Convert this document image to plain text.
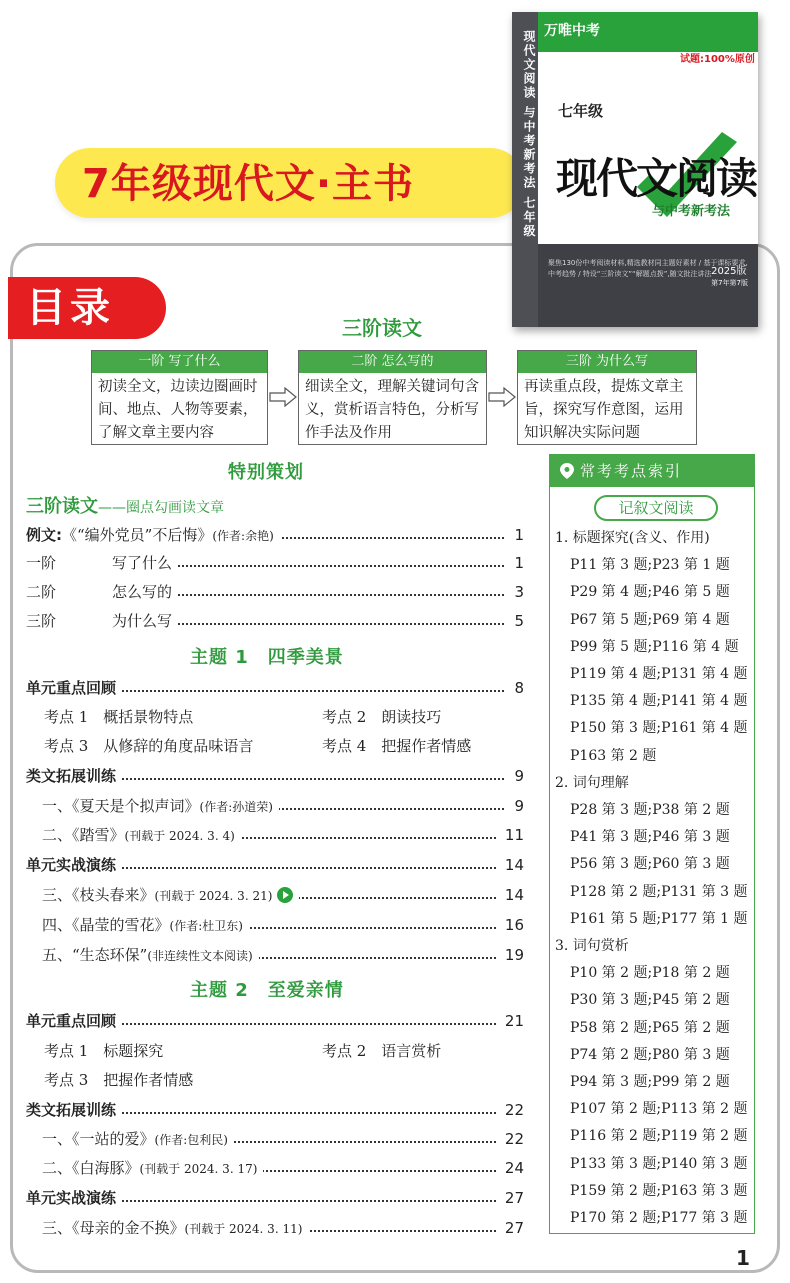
7年级现代文·主书	现代文阅读 与中考新考法 七年级 万唯中考
试题:100%原创
七年级
现代文阅读
与中考新考法
聚焦130份中考阅读材料,精选教材同主题好素材 / 基于课标要求,中考趋势 / 特设“三阶读文”“解题点拨”,随文批注讲法 2025版
第7年第7版
目录	三阶读文
一阶 写了什么
初读全文，边读边圈画时间、地点、人物等要素，了解文章主要内容
二阶 怎么写的
细读全文，理解关键词句含义，赏析语言特色，分析写作手法及作用
三阶 为什么写
再读重点段，提炼文章主旨，探究写作意图，运用知识解决实际问题
特别策划
三阶读文——圈点勾画读文章
例文:《“编外党员”不后悔》(作者:余艳)	1
一阶	写了什么	1
二阶	怎么写的	3
三阶	为什么写	5
主题 1　四季美景
单元重点回顾	8
考点 1　概括景物特点	考点 2　朗读技巧
考点 3　从修辞的角度品味语言	考点 4　把握作者情感
类文拓展训练	9
一、《夏天是个拟声词》(作者:孙道荣)	9
二、《踏雪》(刊载于 2024. 3. 4)	11
单元实战演练	14
三、《枝头春来》(刊载于 2024. 3. 21)	14
四、《晶莹的雪花》(作者:杜卫东)	16
五、“生态环保”(非连续性文本阅读)	19
主题 2　至爱亲情
单元重点回顾	21
考点 1　标题探究	考点 2　语言赏析
考点 3　把握作者情感
类文拓展训练	22
一、《一站的爱》(作者:包利民)	22
二、《白海豚》(刊载于 2024. 3. 17)	24
单元实战演练	27
三、《母亲的金不换》(刊载于 2024. 3. 11)	27
常考考点索引
记叙文阅读
1. 标题探究(含义、作用)
P11 第 3 题;P23 第 1 题
P29 第 4 题;P46 第 5 题
P67 第 5 题;P69 第 4 题
P99 第 5 题;P116 第 4 题
P119 第 4 题;P131 第 4 题
P135 第 4 题;P141 第 4 题
P150 第 3 题;P161 第 4 题
P163 第 2 题
2. 词句理解
P28 第 3 题;P38 第 2 题
P41 第 3 题;P46 第 3 题
P56 第 3 题;P60 第 3 题
P128 第 2 题;P131 第 3 题
P161 第 5 题;P177 第 1 题
3. 词句赏析
P10 第 2 题;P18 第 2 题
P30 第 3 题;P45 第 2 题
P58 第 2 题;P65 第 2 题
P74 第 2 题;P80 第 3 题
P94 第 3 题;P99 第 2 题
P107 第 2 题;P113 第 2 题
P116 第 2 题;P119 第 2 题
P133 第 3 题;P140 第 3 题
P159 第 2 题;P163 第 3 题
P170 第 2 题;P177 第 3 题
1
